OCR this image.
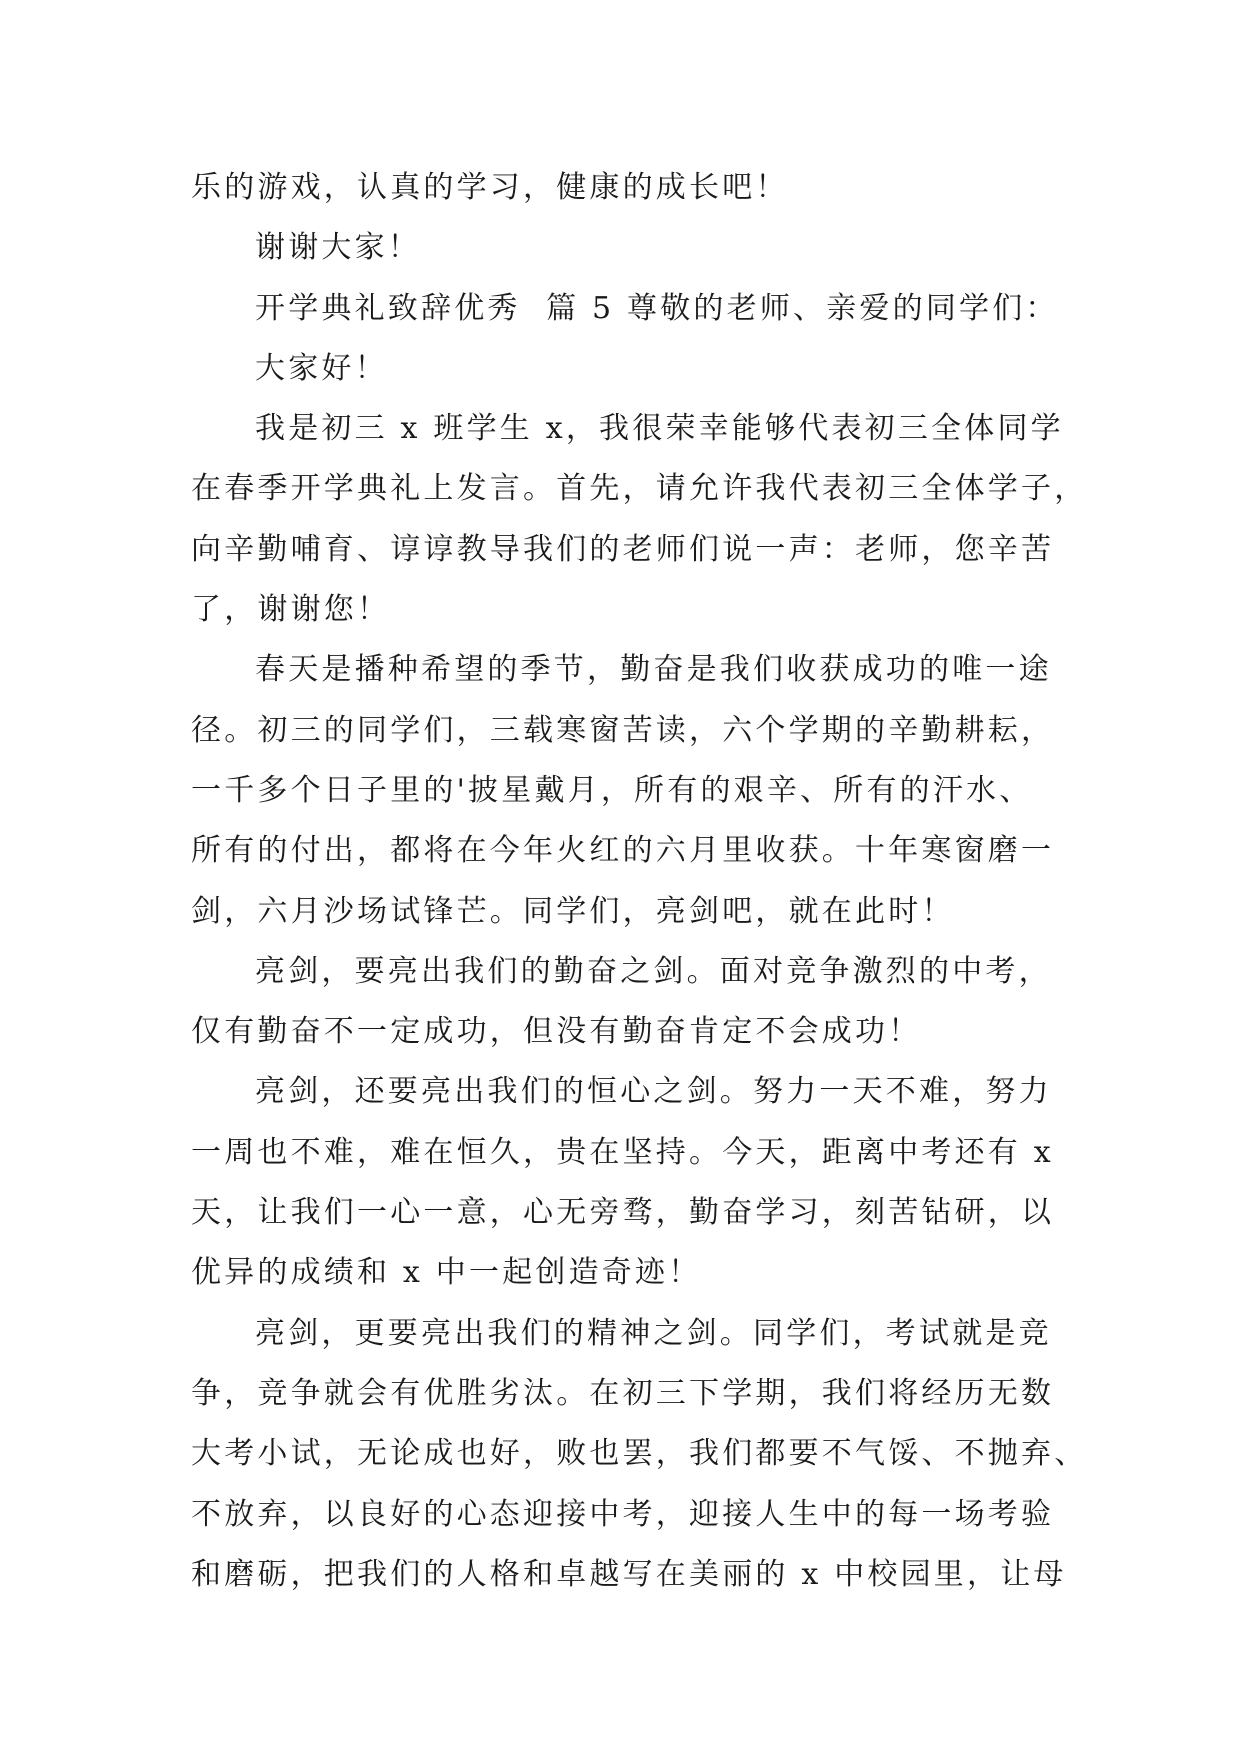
乐的游戏，认真的学习，健康的成长吧！
谢谢大家！
开学典礼致辞优秀  篇 5 尊敬的老师、亲爱的同学们：
大家好！
我是初三 x 班学生 x，我很荣幸能够代表初三全体同学
在春季开学典礼上发言。首先，请允许我代表初三全体学子，
向辛勤哺育、谆谆教导我们的老师们说一声：老师，您辛苦
了，谢谢您！
春天是播种希望的季节，勤奋是我们收获成功的唯一途
径。初三的同学们，三载寒窗苦读，六个学期的辛勤耕耘，
一千多个日子里的'披星戴月，所有的艰辛、所有的汗水、
所有的付出，都将在今年火红的六月里收获。十年寒窗磨一
剑，六月沙场试锋芒。同学们，亮剑吧，就在此时！
亮剑，要亮出我们的勤奋之剑。面对竞争激烈的中考，
仅有勤奋不一定成功，但没有勤奋肯定不会成功！
亮剑，还要亮出我们的恒心之剑。努力一天不难，努力
一周也不难，难在恒久，贵在坚持。今天，距离中考还有 x
天，让我们一心一意，心无旁骛，勤奋学习，刻苦钻研，以
优异的成绩和 x 中一起创造奇迹！
亮剑，更要亮出我们的精神之剑。同学们，考试就是竞
争，竞争就会有优胜劣汰。在初三下学期，我们将经历无数
大考小试，无论成也好，败也罢，我们都要不气馁、不抛弃、
不放弃，以良好的心态迎接中考，迎接人生中的每一场考验
和磨砺，把我们的人格和卓越写在美丽的 x 中校园里，让母
